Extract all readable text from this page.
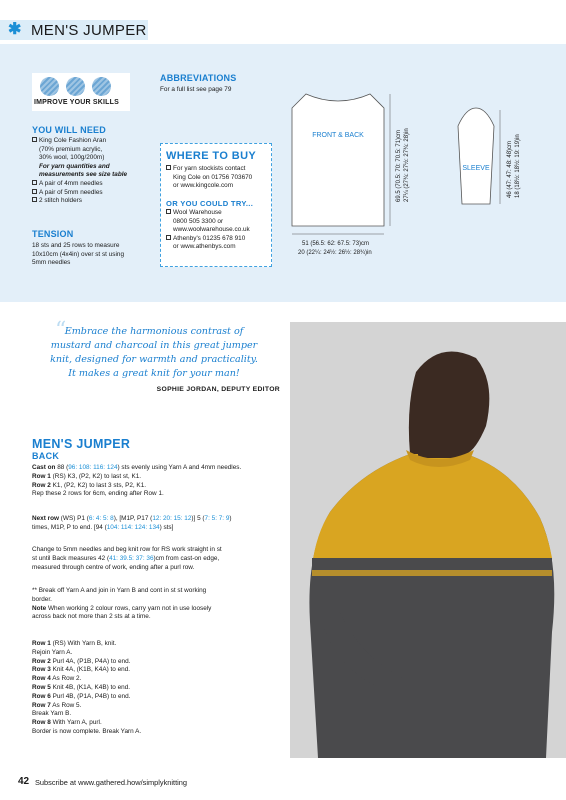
✱ MEN'S JUMPER
IMPROVE YOUR SKILLS
YOU WILL NEED
King Cole Fashion Aran
(70% premium acrylic,
30% wool, 100g/200m)
For yarn quantities and
measurements see size table
A pair of 4mm needles
A pair of 5mm needles
2 stitch holders
TENSION
18 sts and 25 rows to measure
10x10cm (4x4in) over st st using
5mm needles
ABBREVIATIONS
For a full list see page 79
WHERE TO BUY
For yarn stockists contact
King Cole on 01756 703670
or www.kingcole.com
OR YOU COULD TRY...
Wool Warehouse
0800 505 3300 or
www.woolwarehouse.co.uk
Athenby's 01235 678 910
or www.athenbys.com
FRONT & BACK	69.5 (70.5: 70: 70.5: 71)cm 27¼ (27¾: 27½: 27¾: 28)in
51 (56.5: 62: 67.5: 73)cm
20 (22¼: 24½: 26½: 28¾)in
SLEEVE	46 (47: 47: 48: 48)cm 18 (18½: 18½: 19: 19)in
“
Embrace the harmonious contrast of
mustard and charcoal in this great jumper
knit, designed for warmth and practicality.
It makes a great knit for your man!
SOPHIE JORDAN, DEPUTY EDITOR
MEN'S JUMPER
BACK
Cast on 88 (96: 108: 116: 124) sts evenly using Yarn A and 4mm needles.
Row 1 (RS) K3, (P2, K2) to last st, K1.
Row 2 K1, (P2, K2) to last 3 sts, P2, K1.
Rep these 2 rows for 6cm, ending after Row 1.
Next row (WS) P1 (6: 4: 5: 8), [M1P, P17 (12: 20: 15: 12)] 5 (7: 5: 7: 9)
times, M1P, P to end. [94 (104: 114: 124: 134) sts]
Change to 5mm needles and beg knit row for RS work straight in st
st until Back measures 42 (41: 39.5: 37: 36)cm from cast-on edge,
measured through centre of work, ending after a purl row.
** Break off Yarn A and join in Yarn B and cont in st st working
border.
Note When working 2 colour rows, carry yarn not in use loosely
across back not more than 2 sts at a time.
Row 1 (RS) With Yarn B, knit.
Rejoin Yarn A.
Row 2 Purl 4A, (P1B, P4A) to end.
Row 3 Knit 4A, (K1B, K4A) to end.
Row 4 As Row 2.
Row 5 Knit 4B, (K1A, K4B) to end.
Row 6 Purl 4B, (P1A, P4B) to end.
Row 7 As Row 5.
Break Yarn B.
Row 8 With Yarn A, purl.
Border is now complete. Break Yarn A.
42 Subscribe at www.gathered.how/simplyknitting	PassionForum.ru
